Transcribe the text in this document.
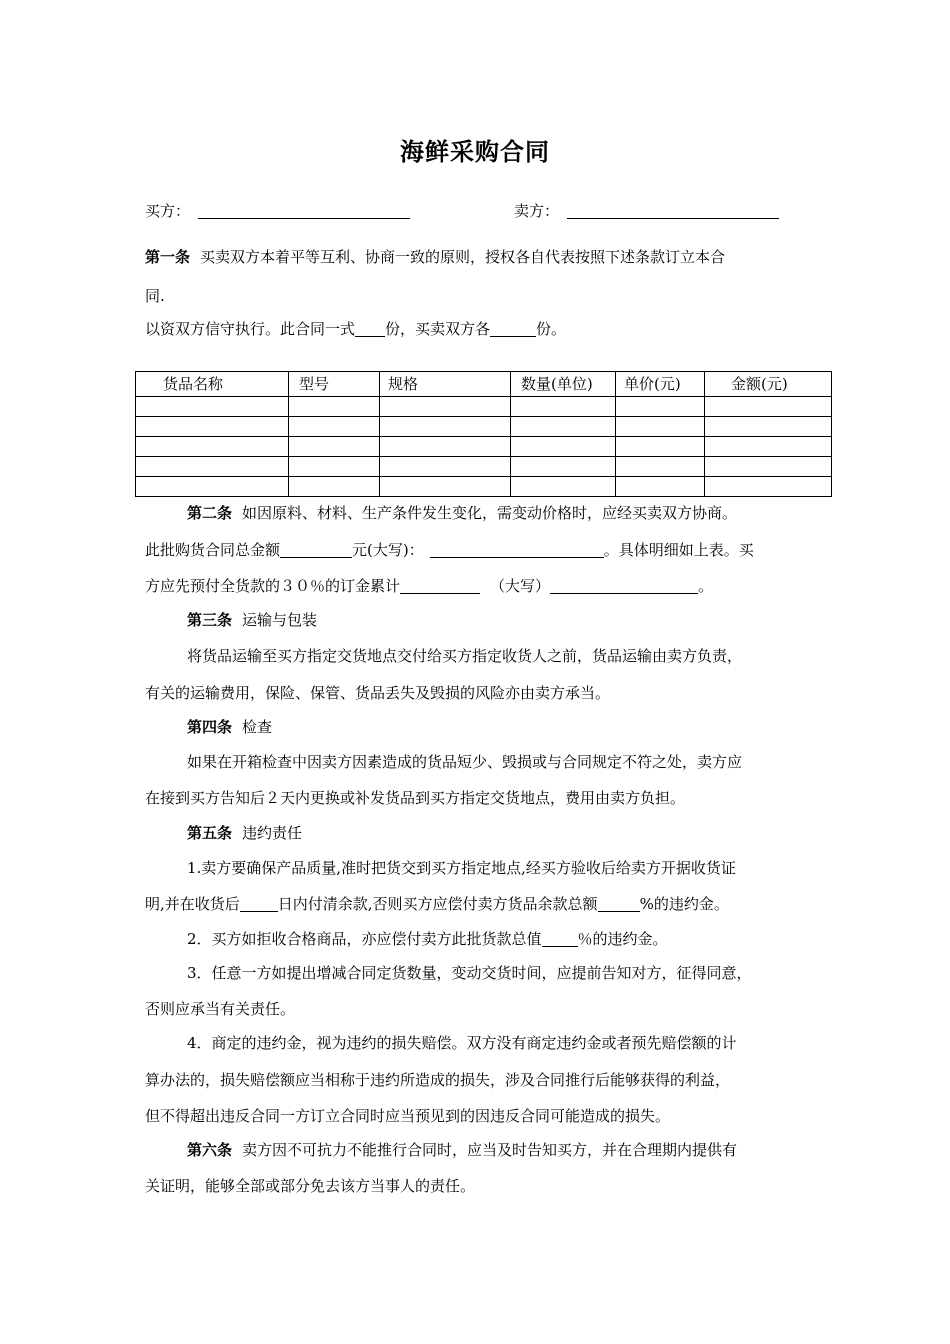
海鲜采购合同
买方：	卖方：
第一条 买卖双方本着平等互利、协商一致的原则，授权各自代表按照下述条款订立本合
同.
以资双方信守执行。此合同一式 份，买卖双方各	份。
货品名称	型号	规格	数量(单位)	单价(元)	金额(元)

第二条 如因原料、材料、生产条件发生变化，需变动价格时，应经买卖双方协商。
此批购货合同总金额	元(大写)：	。具体明细如上表。买
方应先预付全货款的３０％的订金累计	（大写）	。
第三条 运输与包装
将货品运输至买方指定交货地点交付给买方指定收货人之前，货品运输由卖方负责，
有关的运输费用，保险、保管、货品丢失及毁损的风险亦由卖方承当。
第四条 检查
如果在开箱检查中因卖方因素造成的货品短少、毁损或与合同规定不符之处，卖方应
在接到买方告知后２天内更换或补发货品到买方指定交货地点，费用由卖方负担。
第五条 违约责任
1.卖方要确保产品质量,准时把货交到买方指定地点,经买方验收后给卖方开据收货证
明,并在收货后	日内付清余款,否则买方应偿付卖方货品余款总额	%的违约金。
2．买方如拒收合格商品，亦应偿付卖方此批货款总值 ％的违约金。
3．任意一方如提出增减合同定货数量，变动交货时间，应提前告知对方，征得同意，
否则应承当有关责任。
4．商定的违约金，视为违约的损失赔偿。双方没有商定违约金或者预先赔偿额的计
算办法的，损失赔偿额应当相称于违约所造成的损失，涉及合同推行后能够获得的利益，
但不得超出违反合同一方订立合同时应当预见到的因违反合同可能造成的损失。
第六条 卖方因不可抗力不能推行合同时，应当及时告知买方，并在合理期内提供有
关证明，能够全部或部分免去该方当事人的责任。
